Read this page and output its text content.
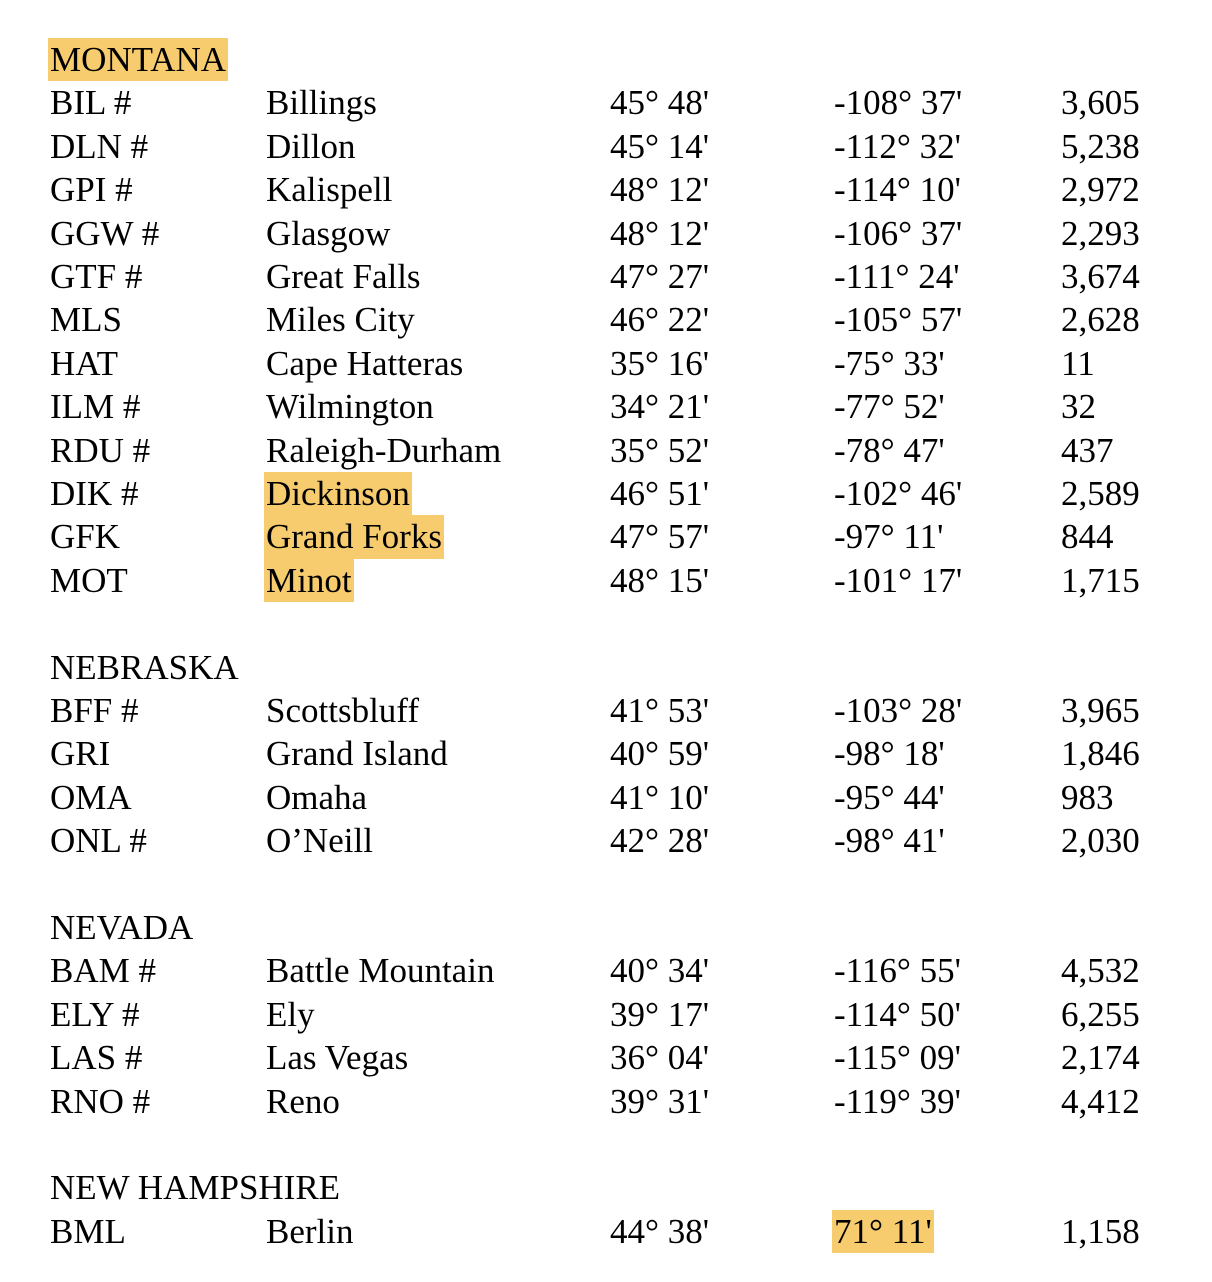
MONTANA
BIL #	Billings	45° 48'	-108° 37'	3,605
DLN #	Dillon	45° 14'	-112° 32'	5,238
GPI #	Kalispell	48° 12'	-114° 10'	2,972
GGW #	Glasgow	48° 12'	-106° 37'	2,293
GTF #	Great Falls	47° 27'	-111° 24'	3,674
MLS	Miles City	46° 22'	-105° 57'	2,628
HAT	Cape Hatteras	35° 16'	-75° 33'	11
ILM #	Wilmington	34° 21'	-77° 52'	32
RDU #	Raleigh-Durham	35° 52'	-78° 47'	437
DIK #	Dickinson	46° 51'	-102° 46'	2,589
GFK	Grand Forks	47° 57'	-97° 11'	844
MOT	Minot	48° 15'	-101° 17'	1,715
NEBRASKA
BFF #	Scottsbluff	41° 53'	-103° 28'	3,965
GRI	Grand Island	40° 59'	-98° 18'	1,846
OMA	Omaha	41° 10'	-95° 44'	983
ONL #	O’Neill	42° 28'	-98° 41'	2,030
NEVADA
BAM #	Battle Mountain	40° 34'	-116° 55'	4,532
ELY #	Ely	39° 17'	-114° 50'	6,255
LAS #	Las Vegas	36° 04'	-115° 09'	2,174
RNO #	Reno	39° 31'	-119° 39'	4,412
NEW HAMPSHIRE
BML	Berlin	44° 38'	71° 11'	1,158
